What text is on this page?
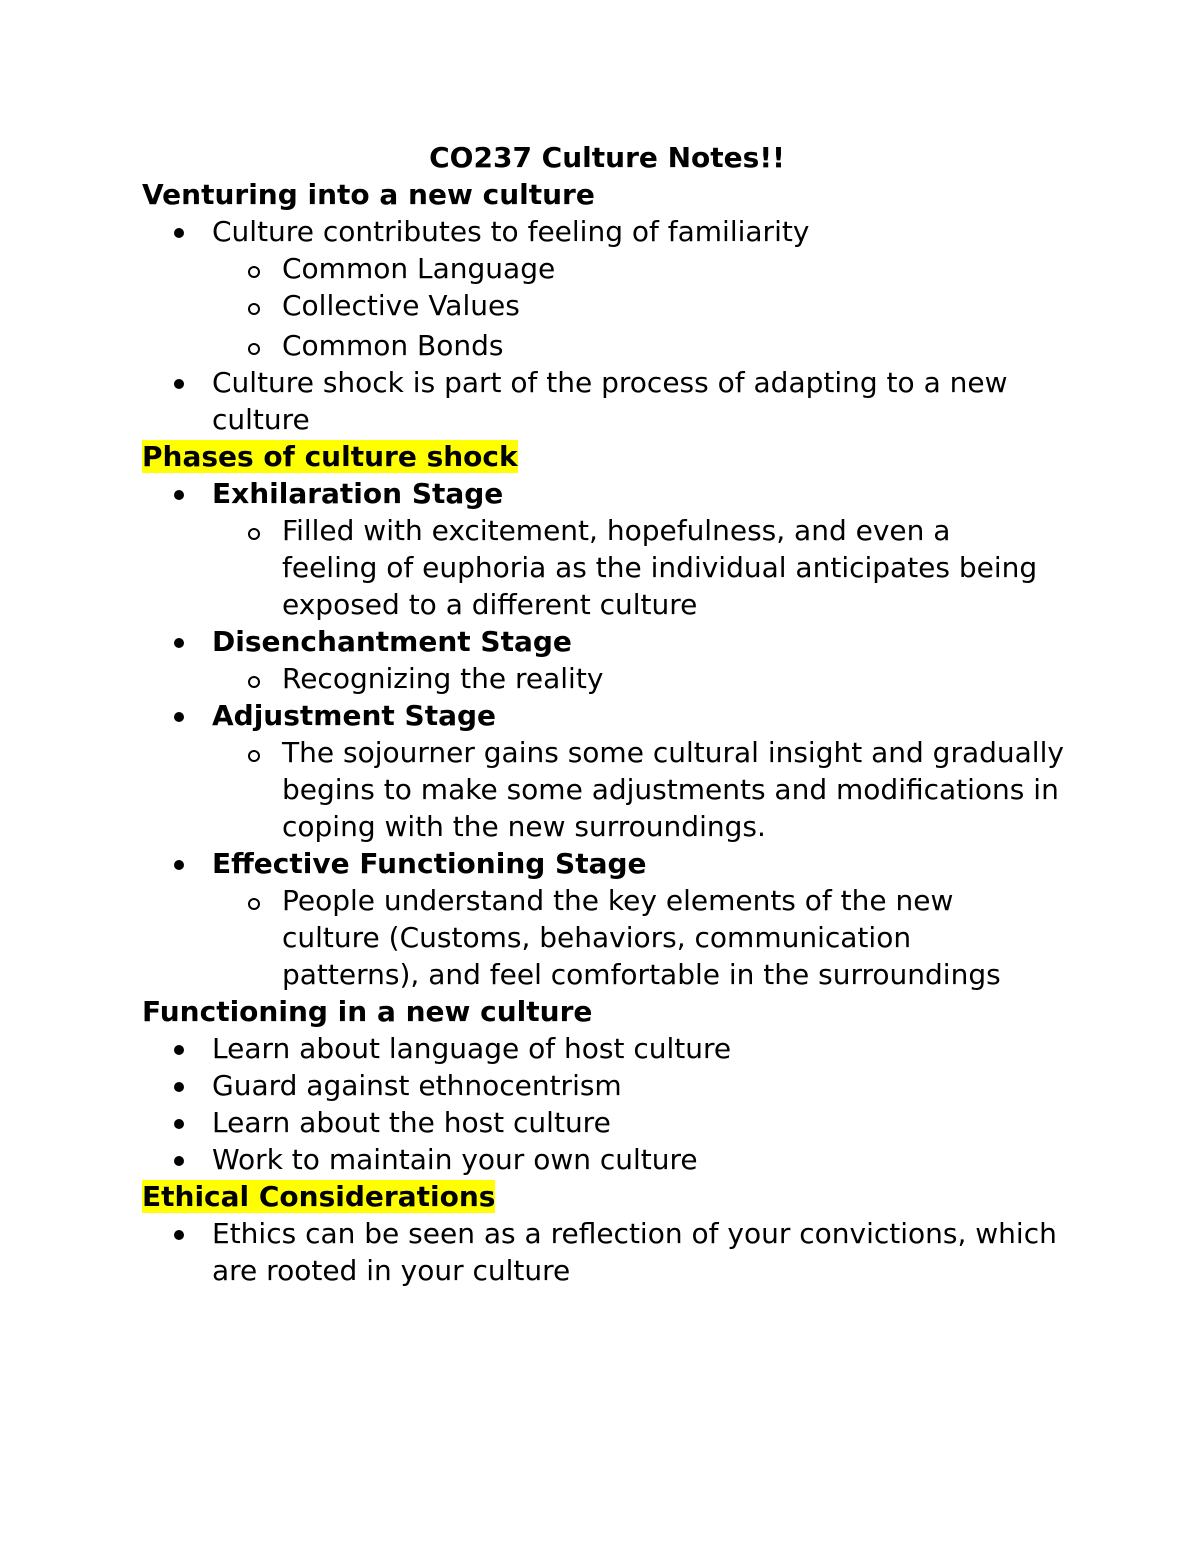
CO237 Culture Notes!!

Venturing into a new culture

Culture contributes to feeling of familiarity
Common Language
Collective Values
Common Bonds
Culture shock is part of the process of adapting to a new culture

Phases of culture shock

Exhilaration Stage
Filled with excitement, hopefulness, and even a feeling of euphoria as the individual anticipates being exposed to a different culture
Disenchantment Stage
Recognizing the reality
Adjustment Stage
The sojourner gains some cultural insight and gradually begins to make some adjustments and modifications in coping with the new surroundings.
Effective Functioning Stage
People understand the key elements of the new culture (Customs, behaviors, communication patterns), and feel comfortable in the surroundings

Functioning in a new culture

Learn about language of host culture
Guard against ethnocentrism
Learn about the host culture
Work to maintain your own culture

Ethical Considerations

Ethics can be seen as a reflection of your convictions, which are rooted in your culture
